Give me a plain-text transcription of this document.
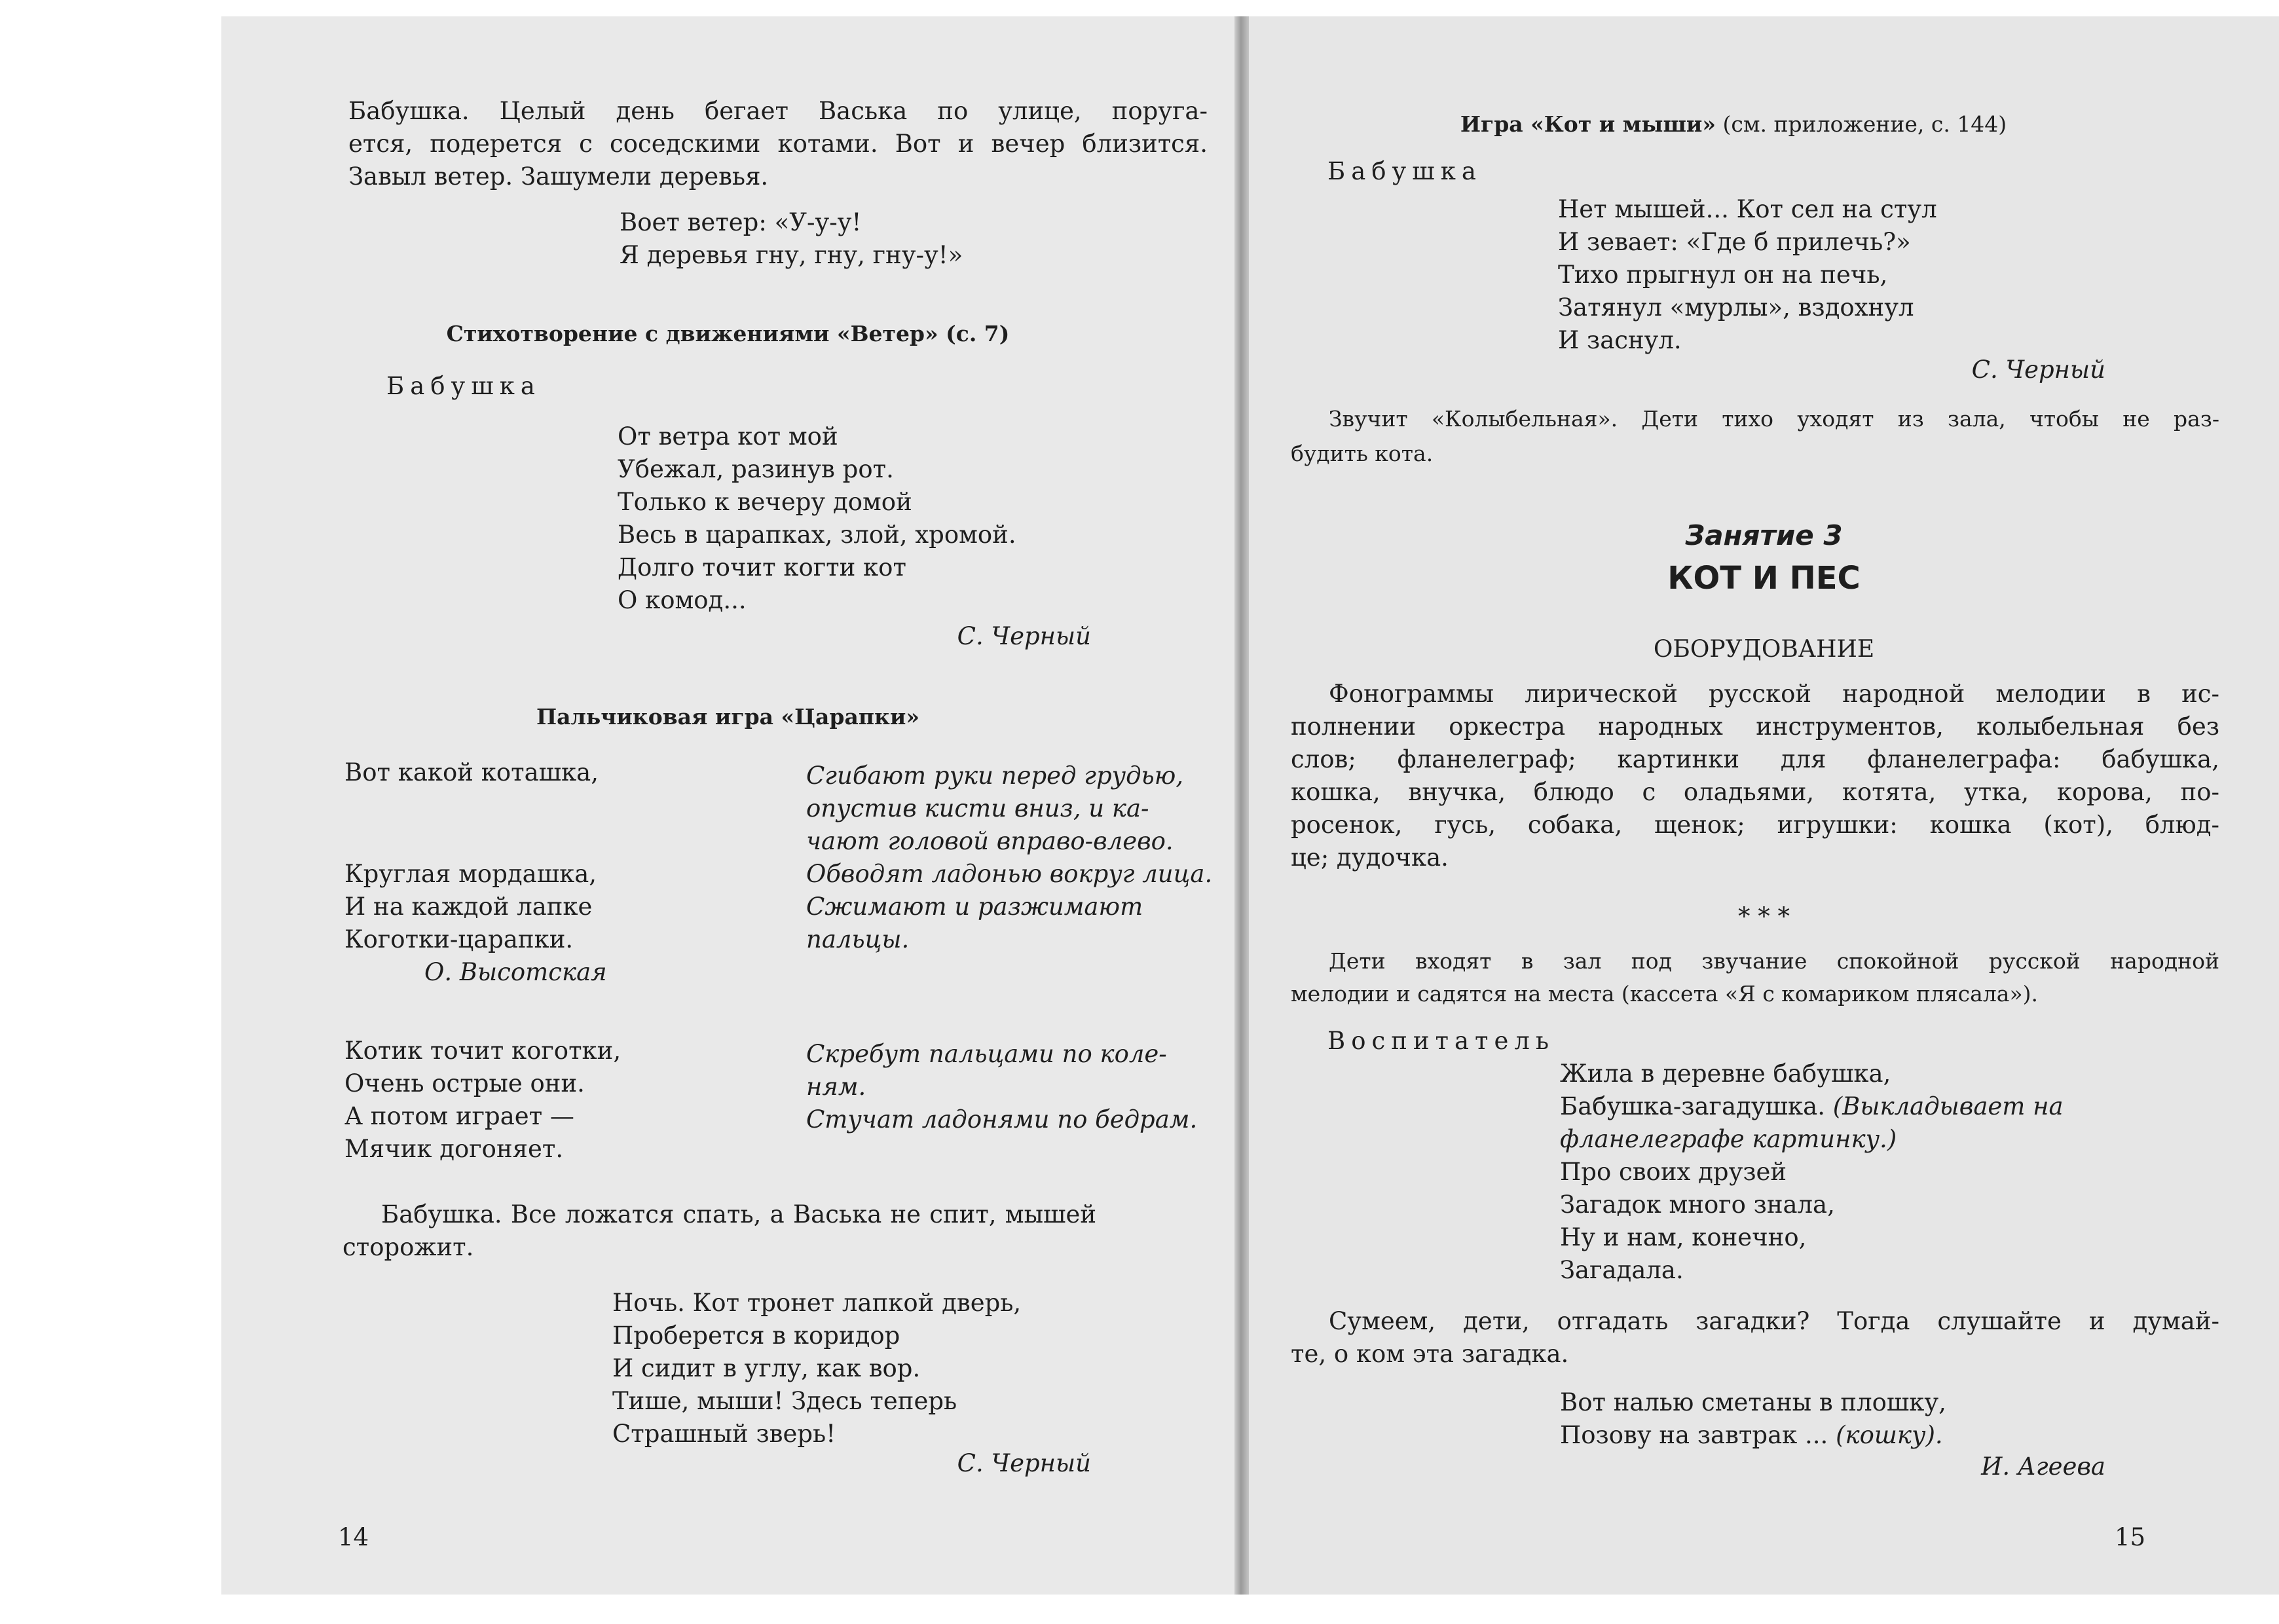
Бабушка. Целый день бегает Васька по улице, поруга-
ется, подерется с соседскими котами. Вот и вечер близится.
Завыл ветер. Зашумели деревья.
Воет ветер: «У-у-у!
Я деревья гну, гну, гну-у!»
Стихотворение с движениями «Ветер» (с. 7)
Бабушка
От ветра кот мой
Убежал, разинув рот.
Только к вечеру домой
Весь в царапках, злой, хромой.
Долго точит когти кот
О комод...
С. Черный
Пальчиковая игра «Царапки»
Вот какой коташка,	Сгибают руки перед грудью,
опустив кисти вниз, и ка-
чают головой вправо-влево.
Круглая мордашка,
И на каждой лапке
Коготки-царапки.
Обводят ладонью вокруг лица.
Сжимают и разжимают
пальцы.
О. Высотская
Котик точит коготки,
Очень острые они.
А потом играет —
Мячик догоняет.
Скребут пальцами по коле-
ням.
Стучат ладонями по бедрам.
Бабушка. Все ложатся спать, а Васька не спит, мышей
сторожит.
Ночь. Кот тронет лапкой дверь,
Проберется в коридор
И сидит в углу, как вор.
Тише, мыши! Здесь теперь
Страшный зверь!
С. Черный
14
Игра «Кот и мыши» (см. приложение, с. 144)
Бабушка
Нет мышей... Кот сел на стул
И зевает: «Где б прилечь?»
Тихо прыгнул он на печь,
Затянул «мурлы», вздохнул
И заснул.
С. Черный
Звучит «Колыбельная». Дети тихо уходят из зала, чтобы не раз-
будить кота.
Занятие 3
КОТ И ПЕС
ОБОРУДОВАНИЕ
Фонограммы лирической русской народной мелодии в ис-
полнении оркестра народных инструментов, колыбельная без
слов; фланелеграф; картинки для фланелеграфа: бабушка,
кошка, внучка, блюдо с оладьями, котята, утка, корова, по-
росенок, гусь, собака, щенок; игрушки: кошка (кот), блюд-
це; дудочка.
* * *
Дети входят в зал под звучание спокойной русской народной
мелодии и садятся на места (кассета «Я с комариком плясала»).
Воспитатель
Жила в деревне бабушка,
Бабушка-загадушка. (Выкладывает на
фланелеграфе картинку.)
Про своих друзей
Загадок много знала,
Ну и нам, конечно,
Загадала.
Сумеем, дети, отгадать загадки? Тогда слушайте и думай-
те, о ком эта загадка.
Вот налью сметаны в плошку,
Позову на завтрак ... (кошку).
И. Агеева
15
